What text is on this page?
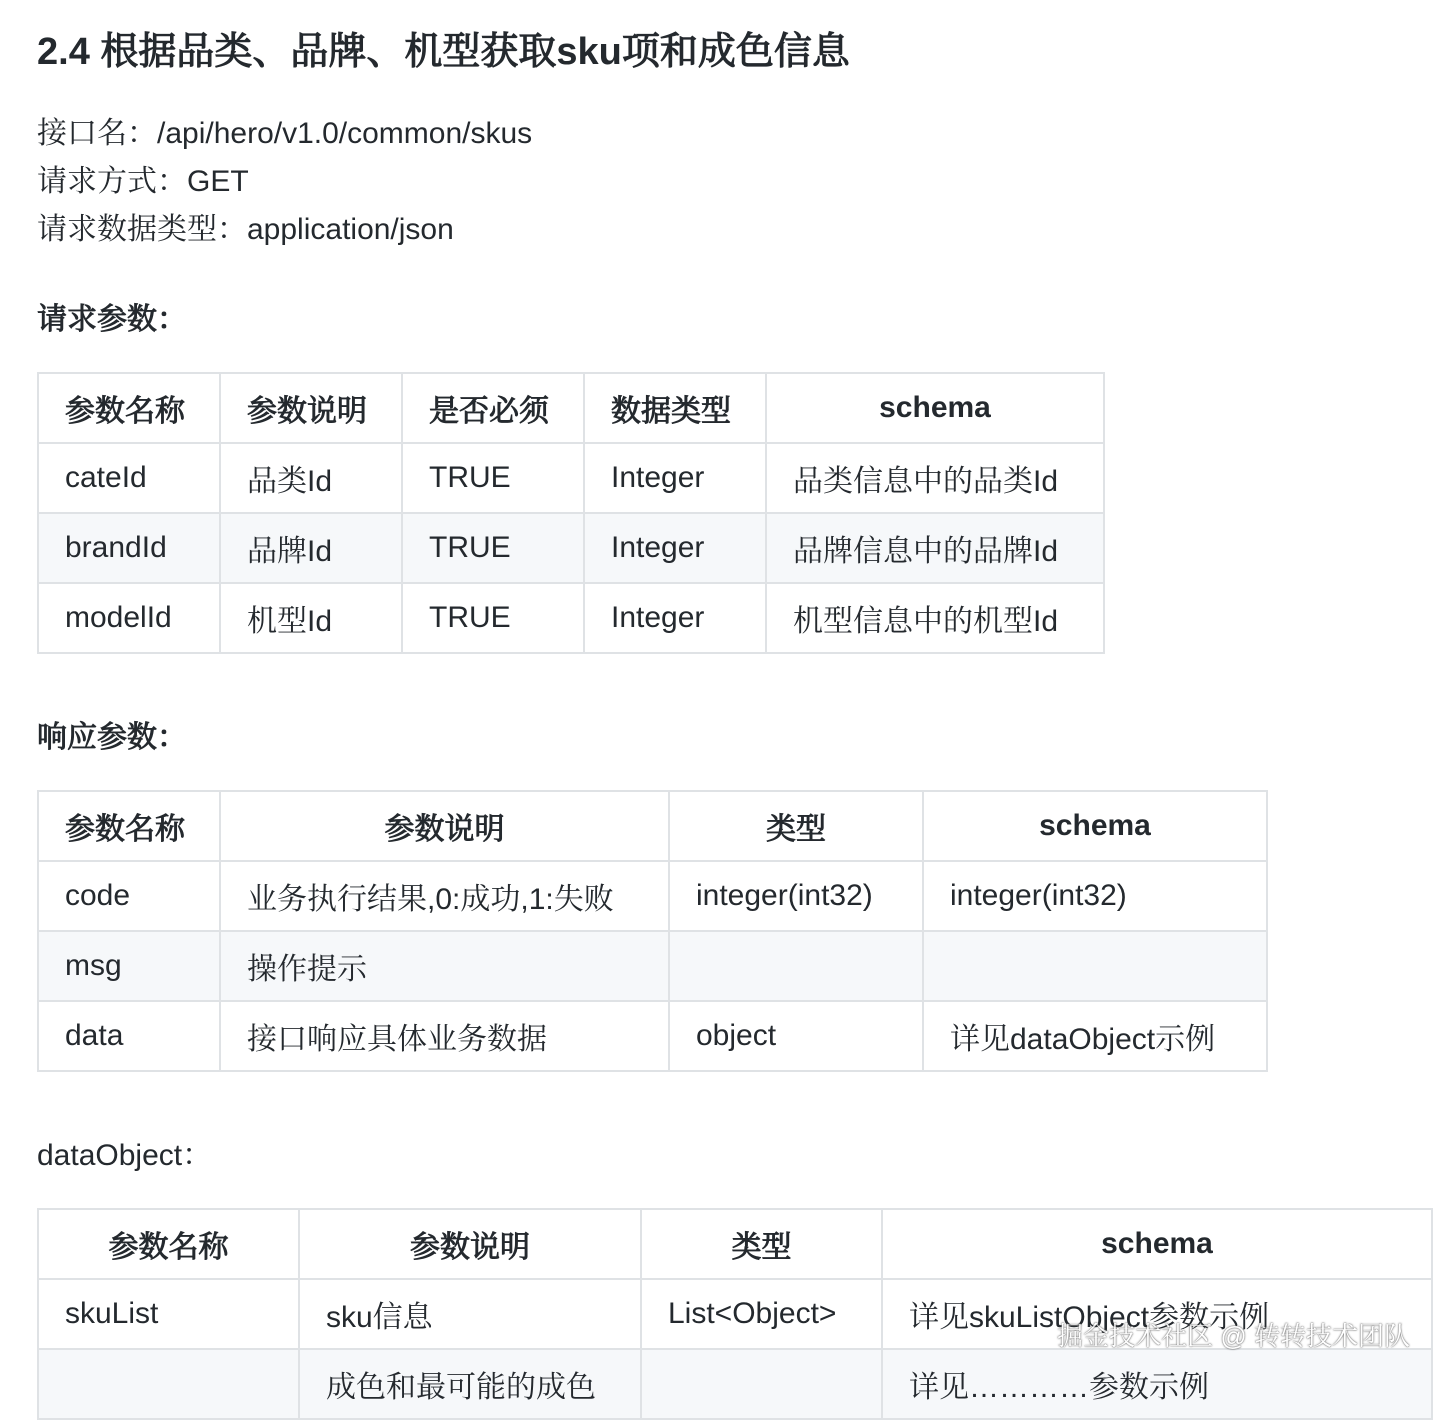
2.4 根据品类、品牌、机型获取sku项和成色信息
接口名：/api/hero/v1.0/common/skus
请求方式：GET
请求数据类型：application/json
请求参数：
参数名称	参数说明	是否必须	数据类型	schema
cateId	品类Id	TRUE	Integer	品类信息中的品类Id
brandId	品牌Id	TRUE	Integer	品牌信息中的品牌Id
modelId	机型Id	TRUE	Integer	机型信息中的机型Id
响应参数：
参数名称	参数说明	类型	schema
code	业务执行结果,0:成功,1:失败	integer(int32)	integer(int32)
msg	操作提示		
data	接口响应具体业务数据	object	详见dataObject示例
dataObject：
参数名称	参数说明	类型	schema
skuList	sku信息	List<Object>	详见skuListObject参数示例
	成色和最可能的成色		详见…………参数示例
掘金技术社区 @ 转转技术团队
